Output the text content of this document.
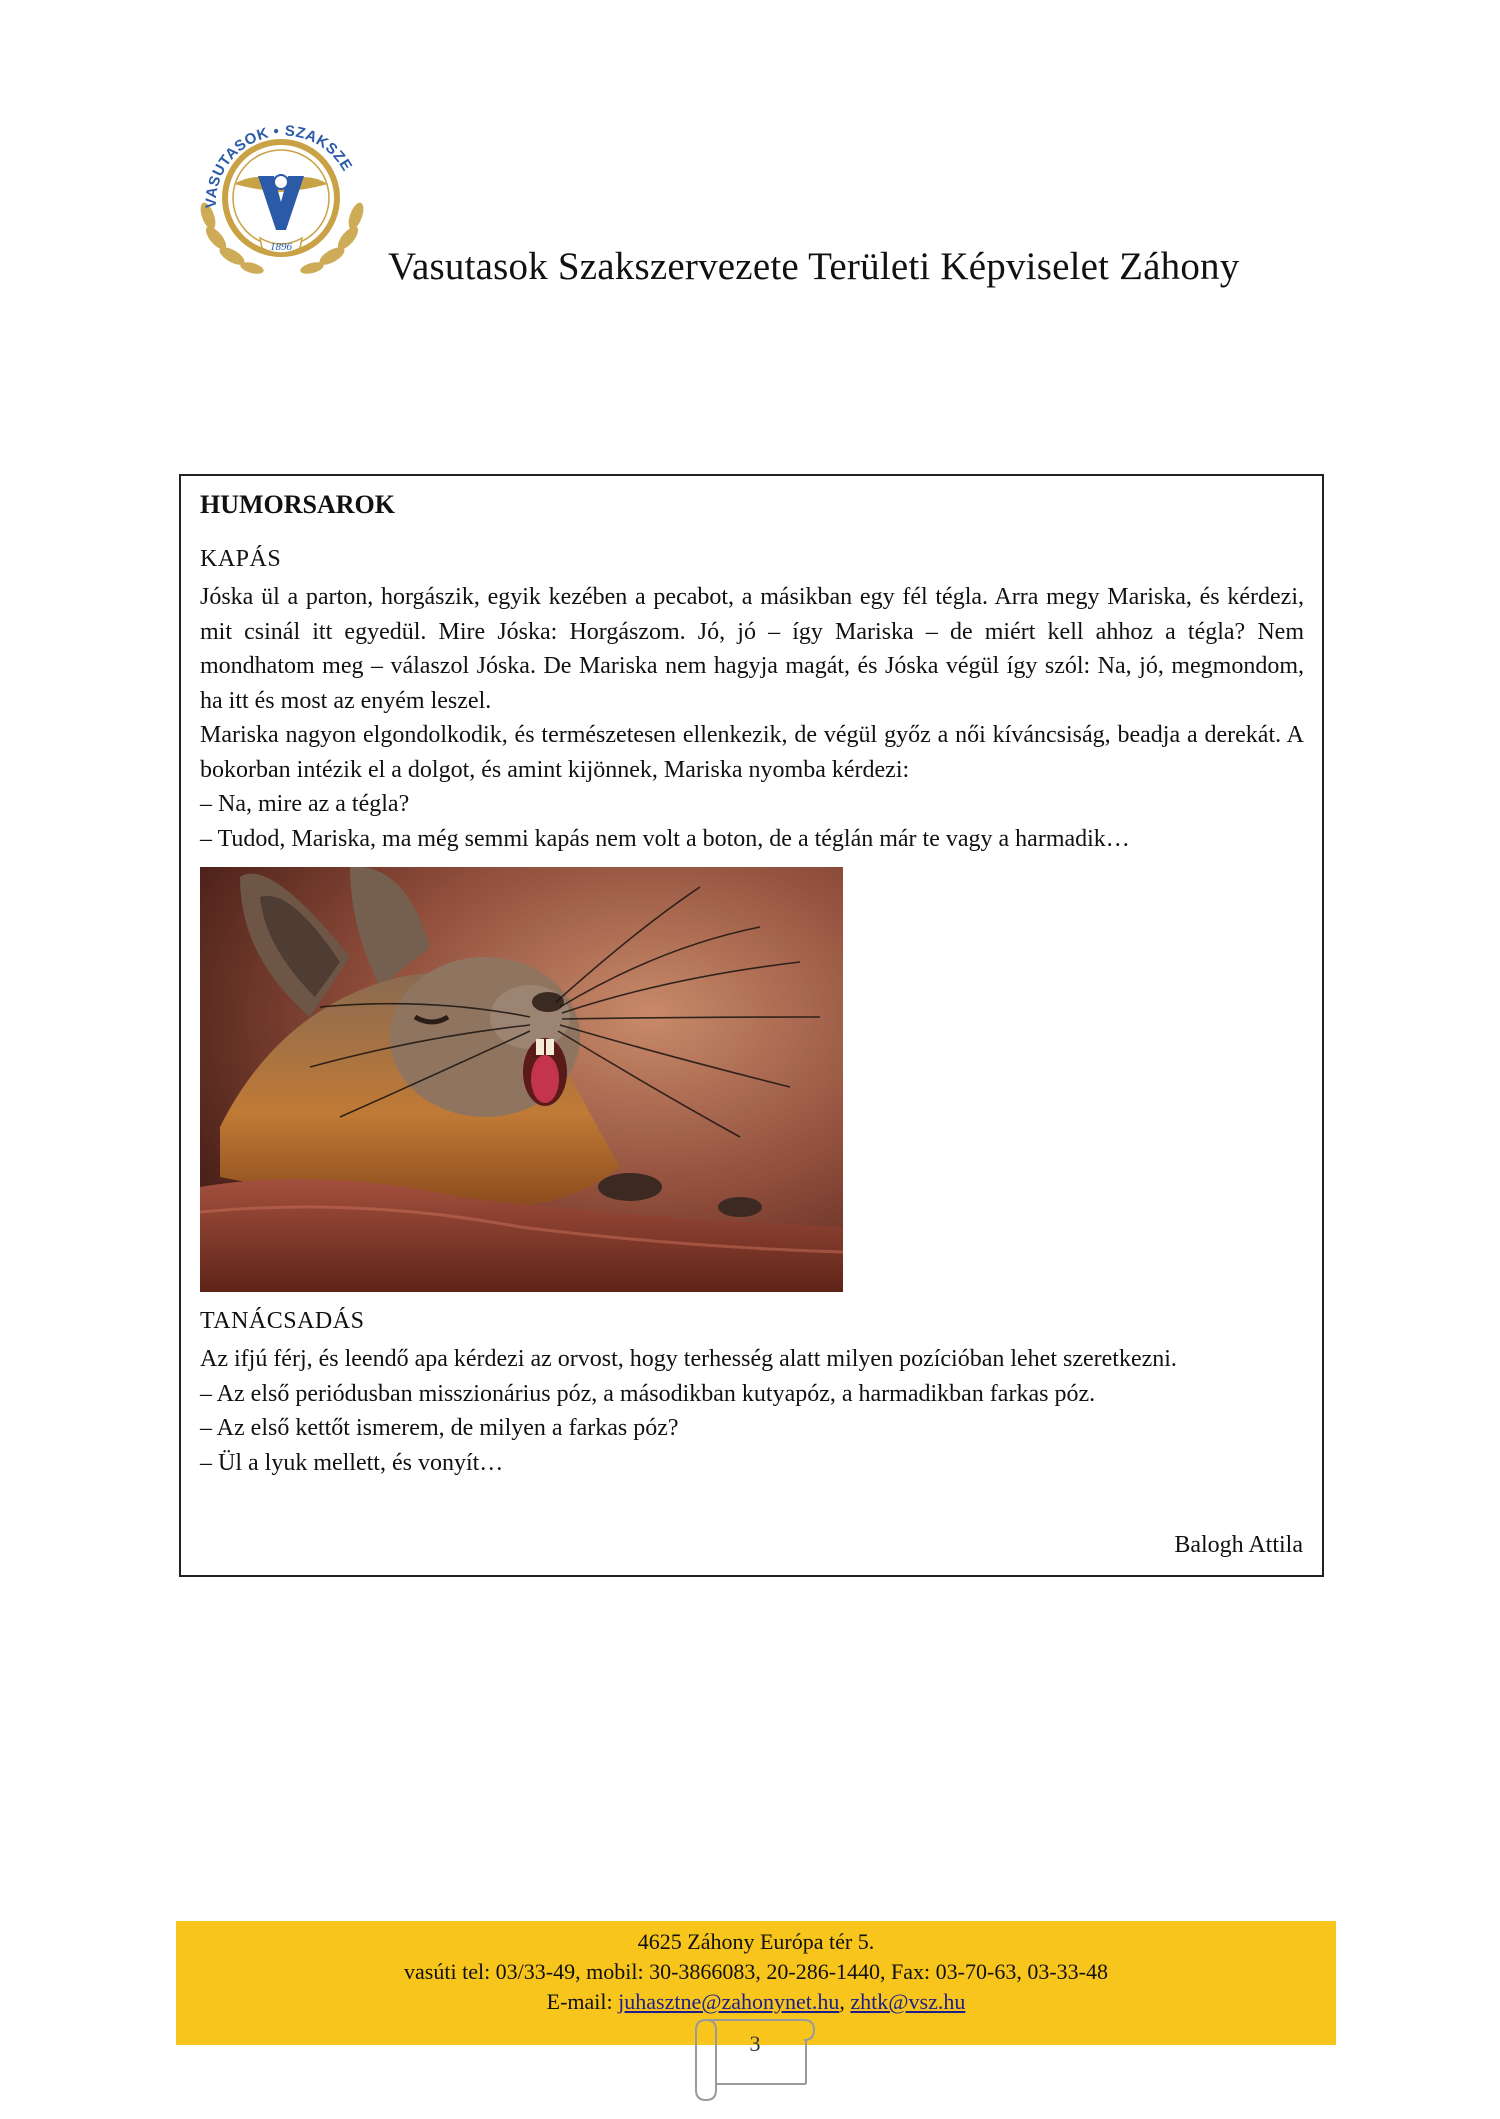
1896
VASUTASOK • SZAKSZE
Vasutasok Szakszervezete Területi Képviselet Záhony
HUMORSAROK
KAPÁS

Jóska ül a parton, horgászik, egyik kezében a pecabot, a másikban egy fél tégla. Arra megy Mariska, és kérdezi, mit csinál itt egyedül. Mire Jóska: Horgászom. Jó, jó – így Mariska – de miért kell ahhoz a tégla? Nem mondhatom meg – válaszol Jóska. De Mariska nem hagyja magát, és Jóska végül így szól: Na, jó, megmondom, ha itt és most az enyém leszel.

Mariska nagyon elgondolkodik, és természetesen ellenkezik, de végül győz a női kíváncsiság, beadja a derekát. A bokorban intézik el a dolgot, és amint kijönnek, Mariska nyomba kérdezi:

– Na, mire az a tégla?

– Tudod, Mariska, ma még semmi kapás nem volt a boton, de a téglán már te vagy a harmadik…

TANÁCSADÁS

Az ifjú férj, és leendő apa kérdezi az orvost, hogy terhesség alatt milyen pozícióban lehet szeretkezni.

– Az első periódusban misszionárius póz, a másodikban kutyapóz, a harmadikban farkas póz.

– Az első kettőt ismerem, de milyen a farkas póz?

– Ül a lyuk mellett, és vonyít…

Balogh Attila
4625 Záhony Európa tér 5.
vasúti tel: 03/33-49, mobil: 30-3866083, 20-286-1440, Fax: 03-70-63, 03-33-48
E-mail: juhasztne@zahonynet.hu, zhtk@vsz.hu
3
